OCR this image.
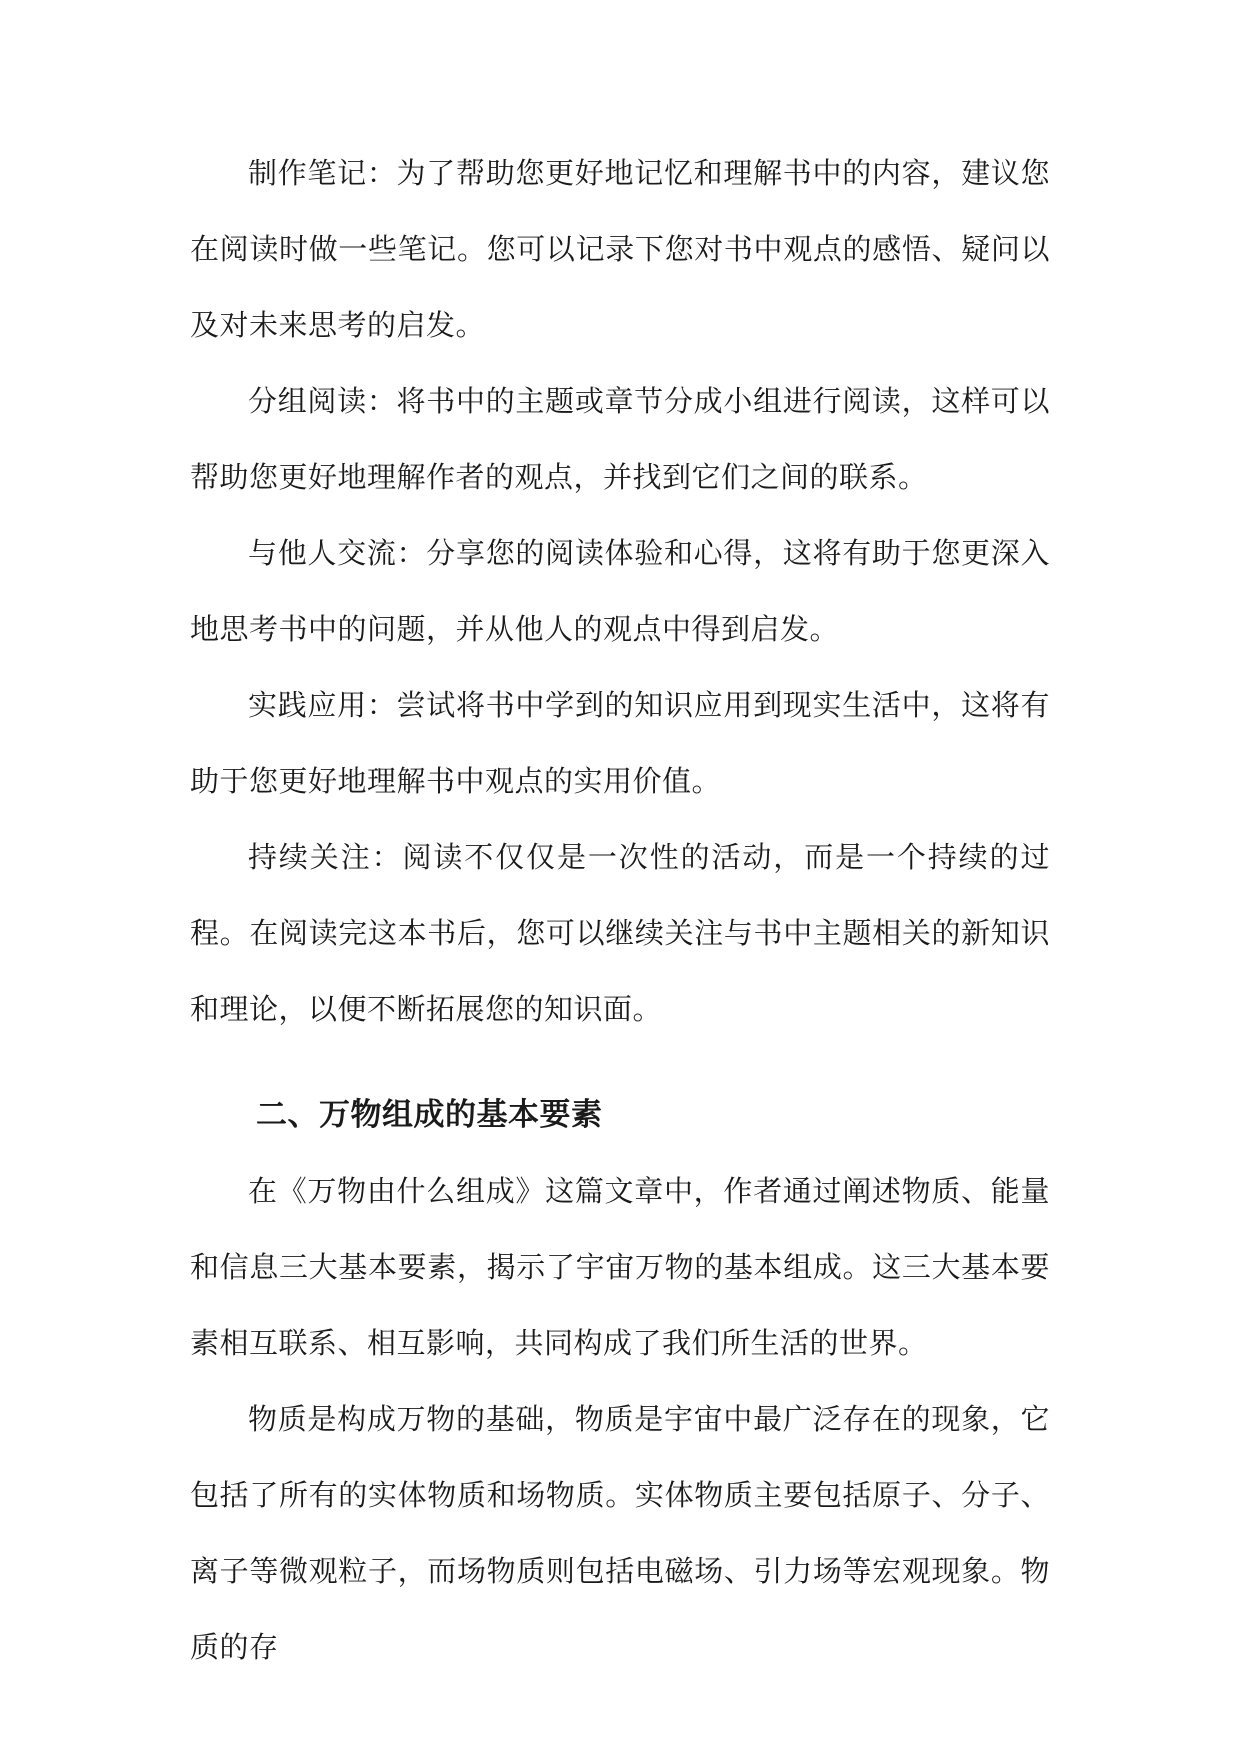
制作笔记：为了帮助您更好地记忆和理解书中的内容，建议您在阅读时做一些笔记。您可以记录下您对书中观点的感悟、疑问以及对未来思考的启发。

分组阅读：将书中的主题或章节分成小组进行阅读，这样可以帮助您更好地理解作者的观点，并找到它们之间的联系。

与他人交流：分享您的阅读体验和心得，这将有助于您更深入地思考书中的问题，并从他人的观点中得到启发。

实践应用：尝试将书中学到的知识应用到现实生活中，这将有助于您更好地理解书中观点的实用价值。

持续关注：阅读不仅仅是一次性的活动，而是一个持续的过程。在阅读完这本书后，您可以继续关注与书中主题相关的新知识和理论，以便不断拓展您的知识面。

二、万物组成的基本要素

在《万物由什么组成》这篇文章中，作者通过阐述物质、能量和信息三大基本要素，揭示了宇宙万物的基本组成。这三大基本要素相互联系、相互影响，共同构成了我们所生活的世界。

物质是构成万物的基础，物质是宇宙中最广泛存在的现象，它包括了所有的实体物质和场物质。实体物质主要包括原子、分子、离子等微观粒子，而场物质则包括电磁场、引力场等宏观现象。物质的存
